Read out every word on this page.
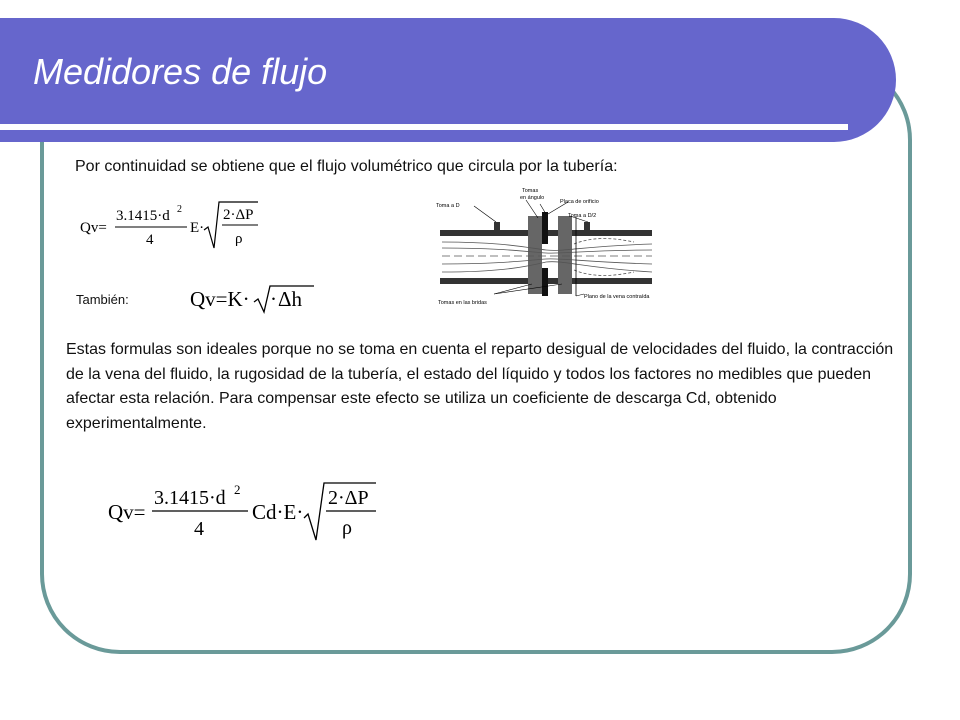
Medidores de flujo

Por continuidad se obtiene que el flujo volumétrico que circula por la tubería:

Qv=
3.1415·d 2
4
E·
2·ΔP
ρ

También:	Qv=K· · Δh
Toma a D
Tomas
en ángulo
Placa de orificio
Toma a D/2
Tomas en las bridas
Plano de la vena contraída

Estas formulas son ideales porque no se toma en cuenta el reparto desigual de velocidades del fluido, la contracción de la vena del fluido, la rugosidad de la tubería, el estado del líquido y todos los factores no medibles que pueden afectar esta relación. Para compensar este efecto se utiliza un coeficiente de descarga Cd, obtenido experimentalmente.

Qv=
3.1415·d 2
4
Cd·E·
2·ΔP
ρ
